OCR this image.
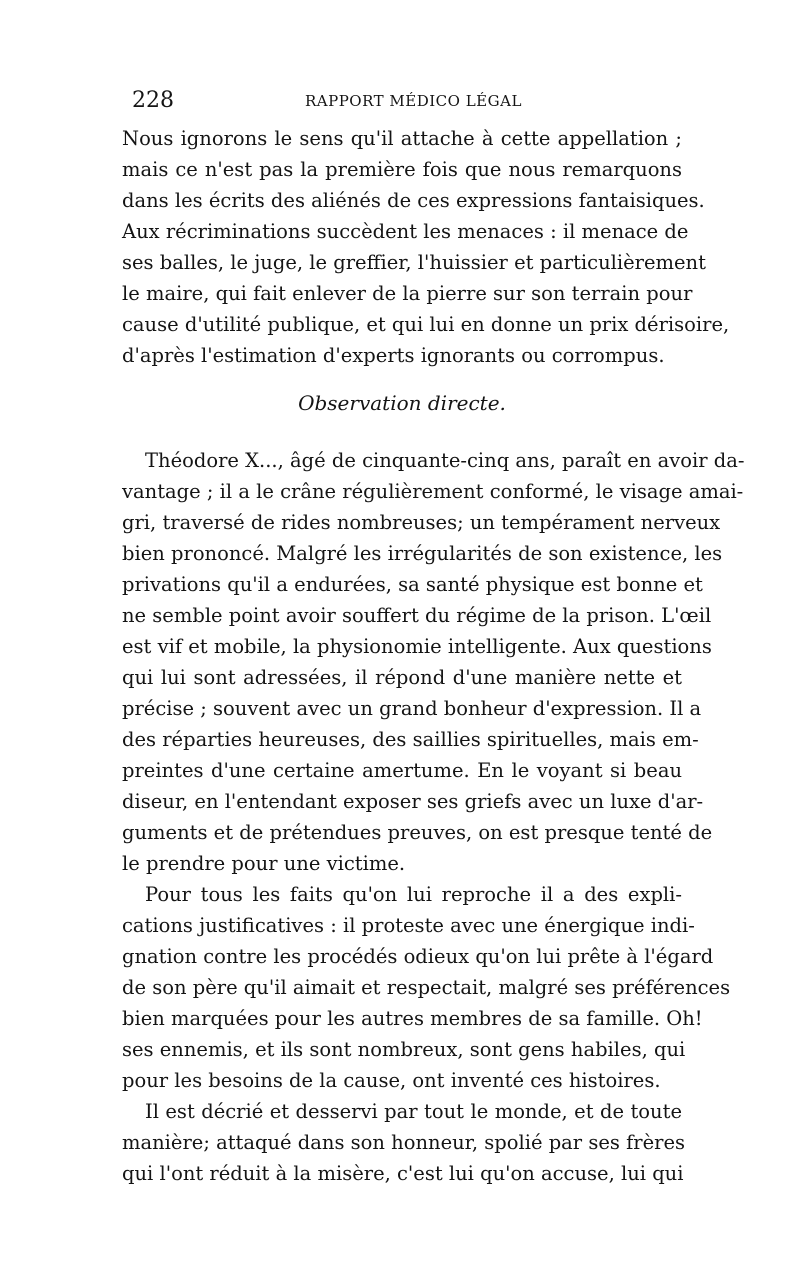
228	RAPPORT MÉDICO LÉGAL
Nous ignorons le sens qu'il attache à cette appellation ;
mais ce n'est pas la première fois que nous remarquons
dans les écrits des aliénés de ces expressions fantaisiques.
Aux récriminations succèdent les menaces : il menace de
ses balles, le juge, le greffier, l'huissier et particulièrement
le maire, qui fait enlever de la pierre sur son terrain pour
cause d'utilité publique, et qui lui en donne un prix dérisoire,
d'après l'estimation d'experts ignorants ou corrompus.
Observation directe.
Théodore X..., âgé de cinquante-cinq ans, paraît en avoir da-
vantage ; il a le crâne régulièrement conformé, le visage amai-
gri, traversé de rides nombreuses; un tempérament nerveux
bien prononcé. Malgré les irrégularités de son existence, les
privations qu'il a endurées, sa santé physique est bonne et
ne semble point avoir souffert du régime de la prison. L'œil
est vif et mobile, la physionomie intelligente. Aux questions
qui lui sont adressées, il répond d'une manière nette et
précise ; souvent avec un grand bonheur d'expression. Il a
des réparties heureuses, des saillies spirituelles, mais em-
preintes d'une certaine amertume. En le voyant si beau
diseur, en l'entendant exposer ses griefs avec un luxe d'ar-
guments et de prétendues preuves, on est presque tenté de
le prendre pour une victime.
Pour tous les faits qu'on lui reproche il a des expli-
cations justificatives : il proteste avec une énergique indi-
gnation contre les procédés odieux qu'on lui prête à l'égard
de son père qu'il aimait et respectait, malgré ses préférences
bien marquées pour les autres membres de sa famille. Oh!
ses ennemis, et ils sont nombreux, sont gens habiles, qui
pour les besoins de la cause, ont inventé ces histoires.
Il est décrié et desservi par tout le monde, et de toute
manière; attaqué dans son honneur, spolié par ses frères
qui l'ont réduit à la misère, c'est lui qu'on accuse, lui qui
